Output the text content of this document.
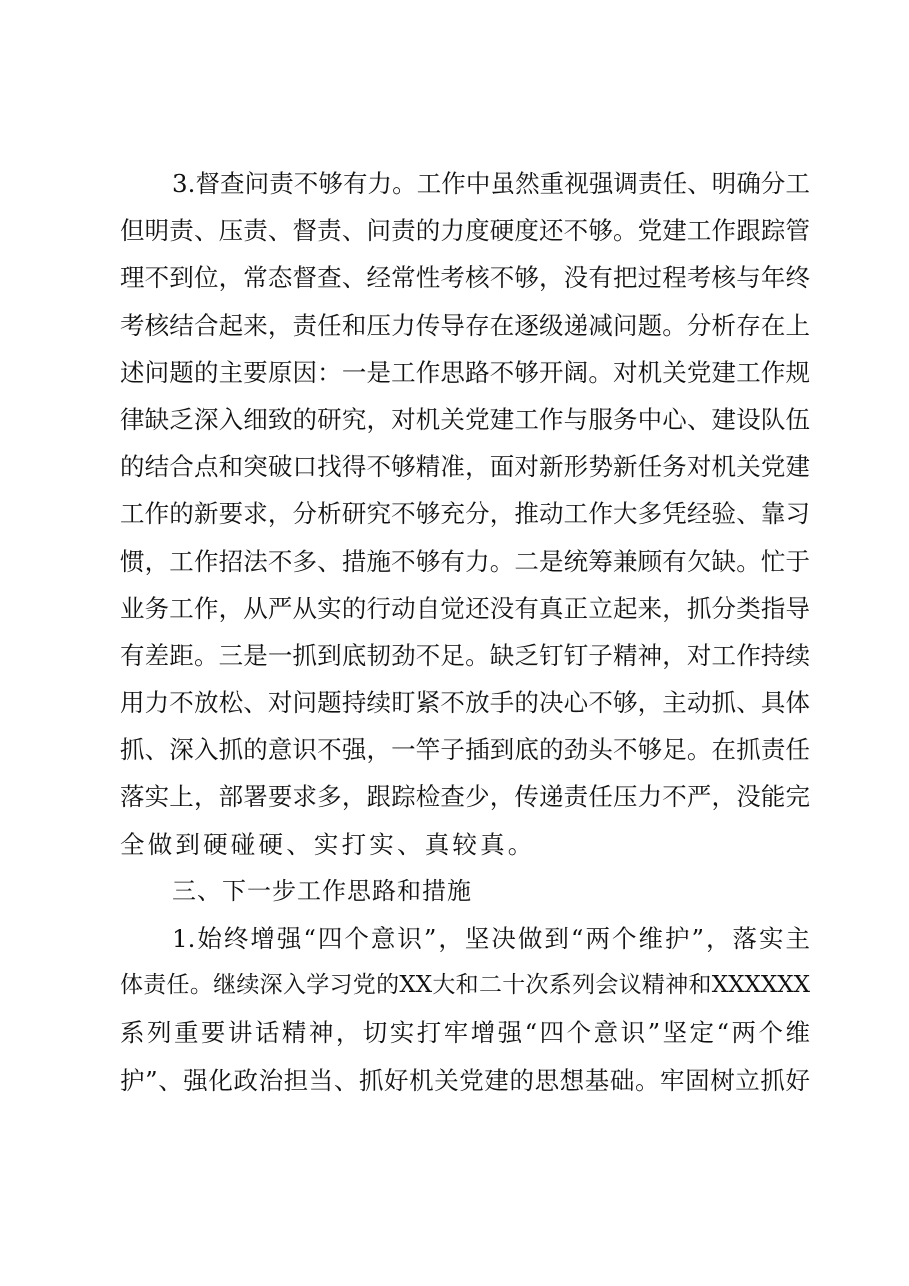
3.督查问责不够有力。工作中虽然重视强调责任、明确分工
但明责、压责、督责、问责的力度硬度还不够。党建工作跟踪管
理不到位，常态督查、经常性考核不够，没有把过程考核与年终
考核结合起来，责任和压力传导存在逐级递减问题。分析存在上
述问题的主要原因：一是工作思路不够开阔。对机关党建工作规
律缺乏深入细致的研究，对机关党建工作与服务中心、建设队伍
的结合点和突破口找得不够精准，面对新形势新任务对机关党建
工作的新要求，分析研究不够充分，推动工作大多凭经验、靠习
惯，工作招法不多、措施不够有力。二是统筹兼顾有欠缺。忙于
业务工作，从严从实的行动自觉还没有真正立起来，抓分类指导
有差距。三是一抓到底韧劲不足。缺乏钉钉子精神，对工作持续
用力不放松、对问题持续盯紧不放手的决心不够，主动抓、具体
抓、深入抓的意识不强，一竿子插到底的劲头不够足。在抓责任
落实上，部署要求多，跟踪检查少，传递责任压力不严，没能完
全做到硬碰硬、实打实、真较真。
三、下一步工作思路和措施
1.始终增强“四个意识”，坚决做到“两个维护”，落实主
体责任。继续深入学习党的XX大和二十次系列会议精神和XXXXXX
系列重要讲话精神，切实打牢增强“四个意识”坚定“两个维
护”、强化政治担当、抓好机关党建的思想基础。牢固树立抓好
